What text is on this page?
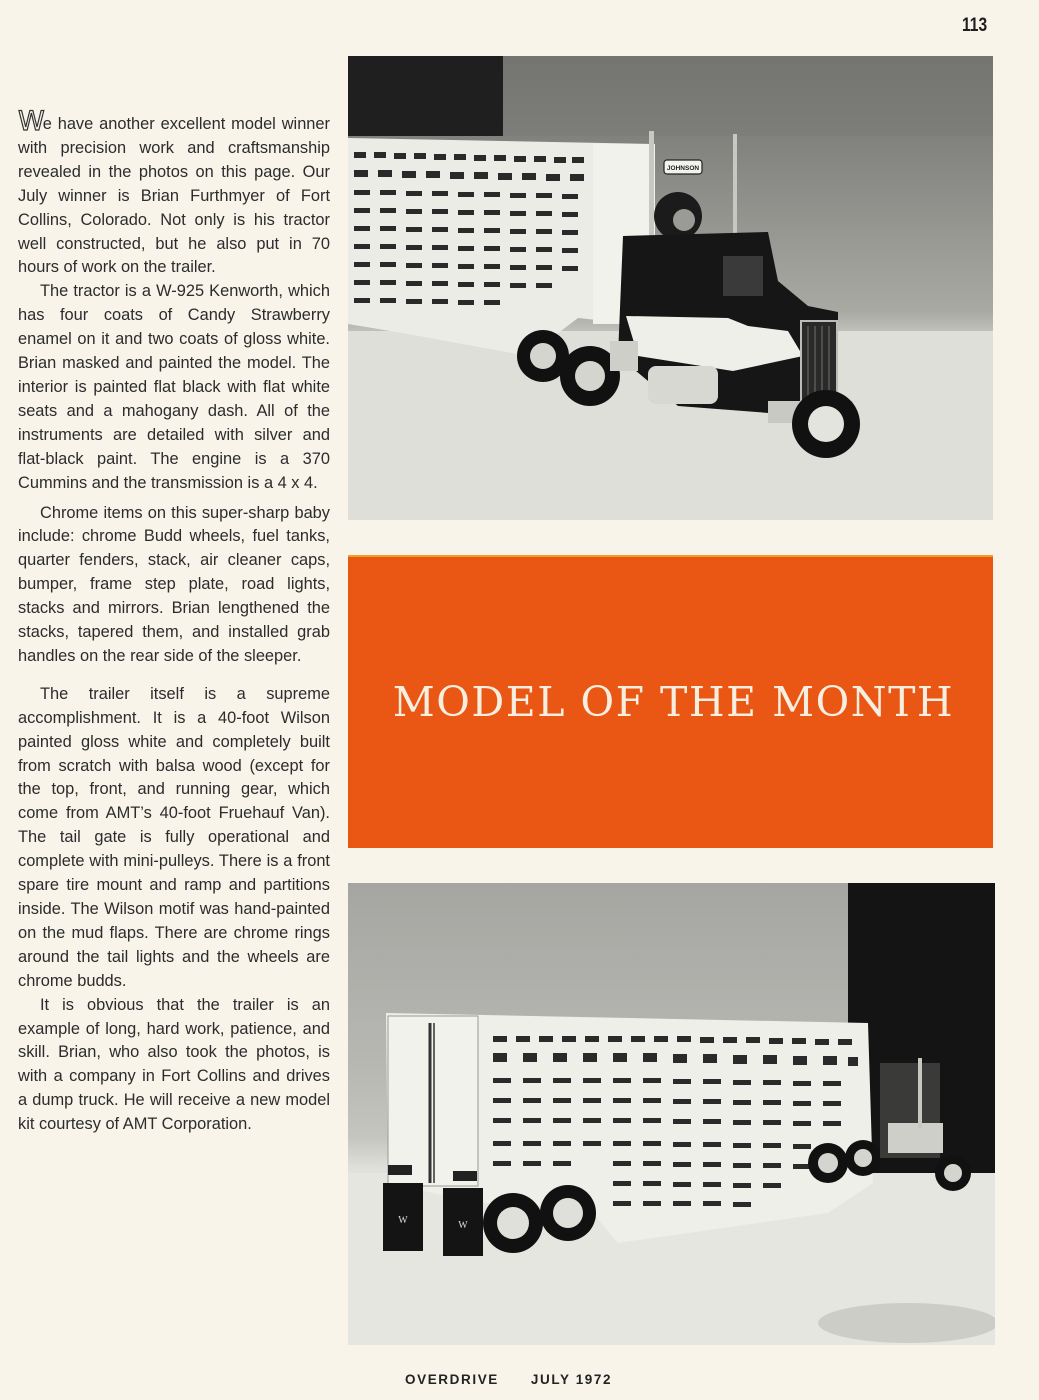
113

We have another excellent model winner with precision work and craftsmanship revealed in the photos on this page. Our July winner is Brian Furthmyer of Fort Collins, Colorado. Not only is his tractor well constructed, but he also put in 70 hours of work on the trailer.

The tractor is a W-925 Kenworth, which has four coats of Candy Strawberry enamel on it and two coats of gloss white. Brian masked and painted the model. The interior is painted flat black with flat white seats and a mahogany dash. All of the instruments are detailed with silver and flat-black paint. The engine is a 370 Cummins and the transmission is a 4 x 4.

Chrome items on this super-sharp baby include: chrome Budd wheels, fuel tanks, quarter fenders, stack, air cleaner caps, bumper, frame step plate, road lights, stacks and mirrors. Brian lengthened the stacks, tapered them, and installed grab handles on the rear side of the sleeper.

The trailer itself is a supreme accomplishment. It is a 40-foot Wilson painted gloss white and completely built from scratch with balsa wood (except for the top, front, and running gear, which come from AMT’s 40-foot Fruehauf Van). The tail gate is fully operational and complete with mini-pulleys. There is a front spare tire mount and ramp and partitions inside. The Wilson motif was hand-painted on the mud flaps. There are chrome rings around the tail lights and the wheels are chrome budds.

It is obvious that the trailer is an example of long, hard work, patience, and skill. Brian, who also took the photos, is with a company in Fort Collins and drives a dump truck. He will receive a new model kit courtesy of AMT Corporation.

JOHNSON
MODEL OF THE MONTH
W	W
OVERDRIVE JULY 1972
